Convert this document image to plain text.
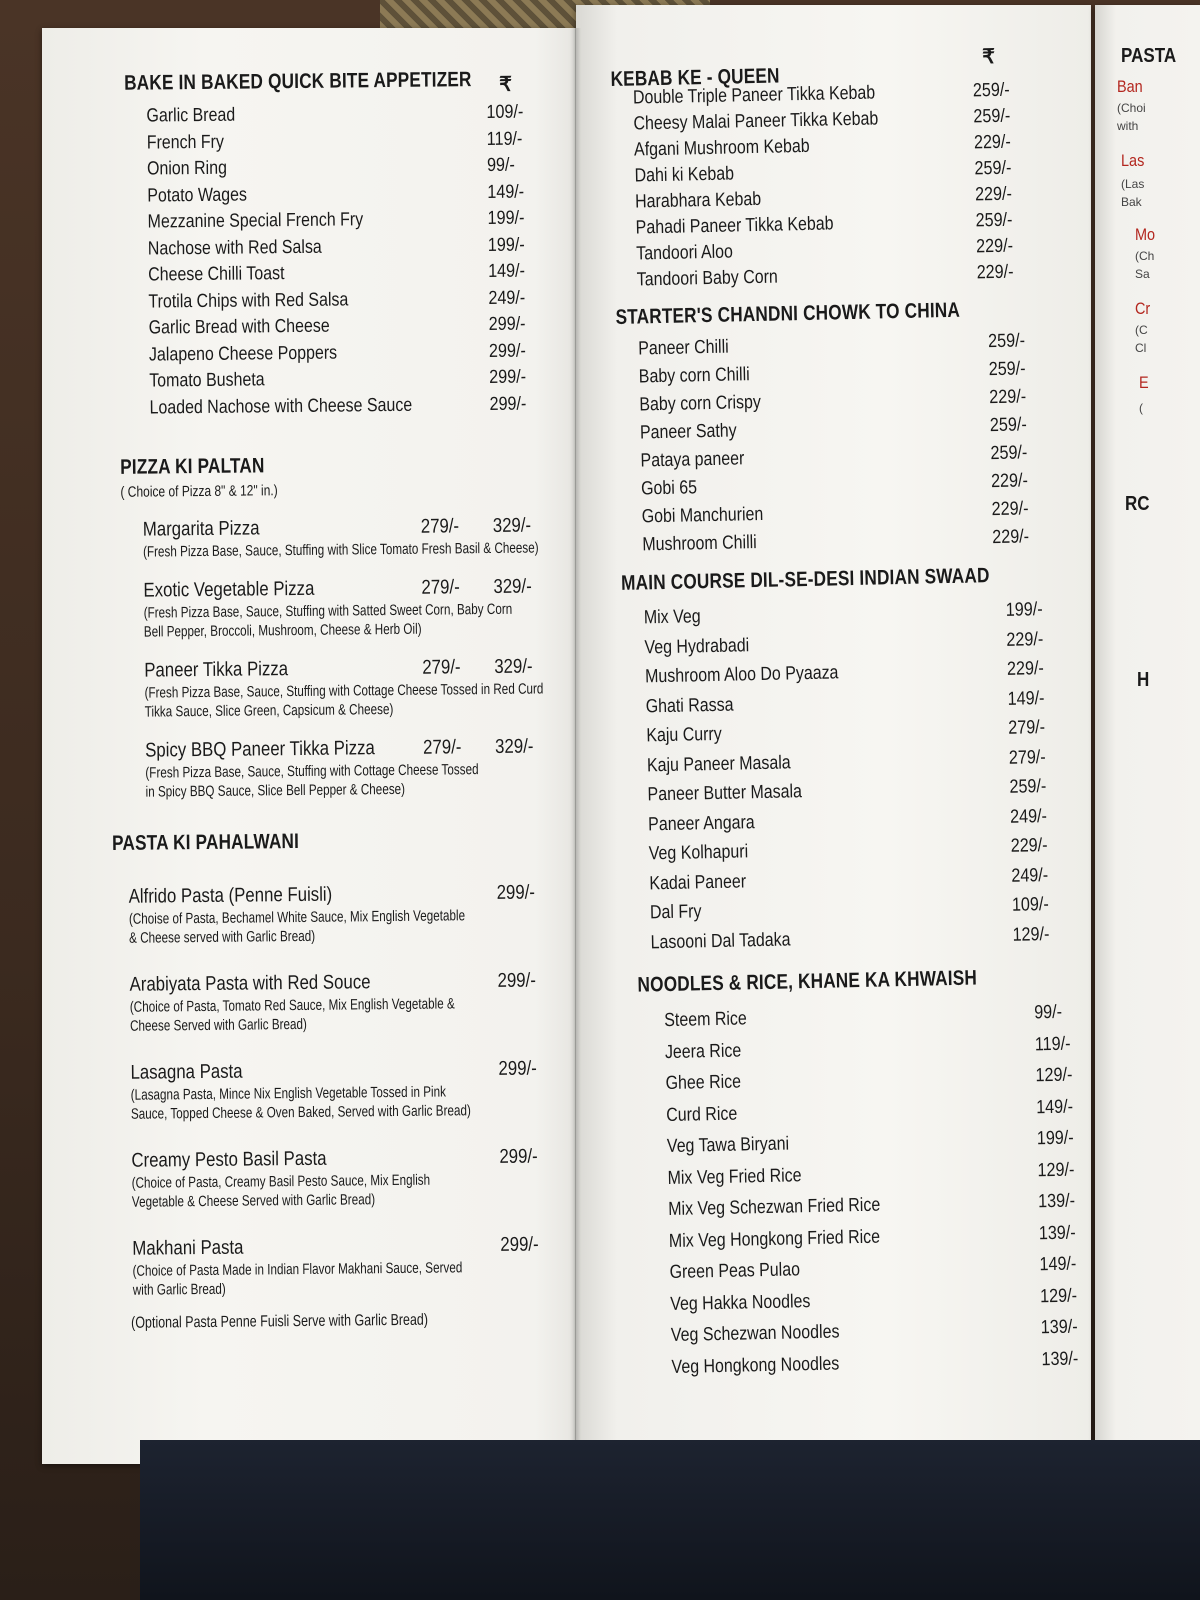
PASTA
Ban
(Choi
with
Las
(Las
Bak
Mo
(Ch
Sa
Cr
(C
Cl
E
(
RC
H
BAKE IN BAKED QUICK BITE APPETIZER ₹
Garlic Bread	109/-
French Fry	119/-
Onion Ring	99/-
Potato Wages	149/-
Mezzanine Special French Fry	199/-
Nachose with Red Salsa	199/-
Cheese Chilli Toast	149/-
Trotila Chips with Red Salsa	249/-
Garlic Bread with Cheese	299/-
Jalapeno Cheese Poppers	299/-
Tomato Busheta	299/-
Loaded Nachose with Cheese Sauce	299/-
PIZZA KI PALTAN
( Choice of Pizza 8" & 12" in.)
Margarita Pizza	279/- 329/-
(Fresh Pizza Base, Sauce, Stuffing with Slice Tomato Fresh Basil & Cheese)
Exotic Vegetable Pizza	279/- 329/-
(Fresh Pizza Base, Sauce, Stuffing with Satted Sweet Corn, Baby Corn
Bell Pepper, Broccoli, Mushroom, Cheese & Herb Oil)
Paneer Tikka Pizza	279/- 329/-
(Fresh Pizza Base, Sauce, Stuffing with Cottage Cheese Tossed in Red Curd
Tikka Sauce, Slice Green, Capsicum & Cheese)
Spicy BBQ Paneer Tikka Pizza 279/- 329/-
(Fresh Pizza Base, Sauce, Stuffing with Cottage Cheese Tossed
in Spicy BBQ Sauce, Slice Bell Pepper & Cheese)
PASTA KI PAHALWANI
Alfrido Pasta (Penne Fuisli)	299/-
(Choise of Pasta, Bechamel White Sauce, Mix English Vegetable
& Cheese served with Garlic Bread)
Arabiyata Pasta with Red Souce	299/-
(Choice of Pasta, Tomato Red Sauce, Mix English Vegetable &
Cheese Served with Garlic Bread)
Lasagna Pasta	299/-
(Lasagna Pasta, Mince Nix English Vegetable Tossed in Pink
Sauce, Topped Cheese & Oven Baked, Served with Garlic Bread)
Creamy Pesto Basil Pasta	299/-
(Choice of Pasta, Creamy Basil Pesto Sauce, Mix English
Vegetable & Cheese Served with Garlic Bread)
Makhani Pasta	299/-
(Choice of Pasta Made in Indian Flavor Makhani Sauce, Served
with Garlic Bread)
(Optional Pasta Penne Fuisli Serve with Garlic Bread)
KEBAB KE - QUEEN
₹
Double Triple Paneer Tikka Kebab	259/-
Cheesy Malai Paneer Tikka Kebab	259/-
Afgani Mushroom Kebab	229/-
Dahi ki Kebab	259/-
Harabhara Kebab	229/-
Pahadi Paneer Tikka Kebab	259/-
Tandoori Aloo	229/-
Tandoori Baby Corn	229/-
STARTER'S CHANDNI CHOWK TO CHINA
Paneer Chilli	259/-
Baby corn Chilli	259/-
Baby corn Crispy	229/-
Paneer Sathy	259/-
Pataya paneer	259/-
Gobi 65	229/-
Gobi Manchurien	229/-
Mushroom Chilli	229/-
MAIN COURSE DIL-SE-DESI INDIAN SWAAD
Mix Veg	199/-
Veg Hydrabadi	229/-
Mushroom Aloo Do Pyaaza	229/-
Ghati Rassa	149/-
Kaju Curry	279/-
Kaju Paneer Masala	279/-
Paneer Butter Masala	259/-
Paneer Angara	249/-
Veg Kolhapuri	229/-
Kadai Paneer	249/-
Dal Fry	109/-
Lasooni Dal Tadaka	129/-
NOODLES & RICE, KHANE KA KHWAISH
Steem Rice	99/-
Jeera Rice	119/-
Ghee Rice	129/-
Curd Rice	149/-
Veg Tawa Biryani	199/-
Mix Veg Fried Rice	129/-
Mix Veg Schezwan Fried Rice	139/-
Mix Veg Hongkong Fried Rice	139/-
Green Peas Pulao	149/-
Veg Hakka Noodles	129/-
Veg Schezwan Noodles	139/-
Veg Hongkong Noodles	139/-
